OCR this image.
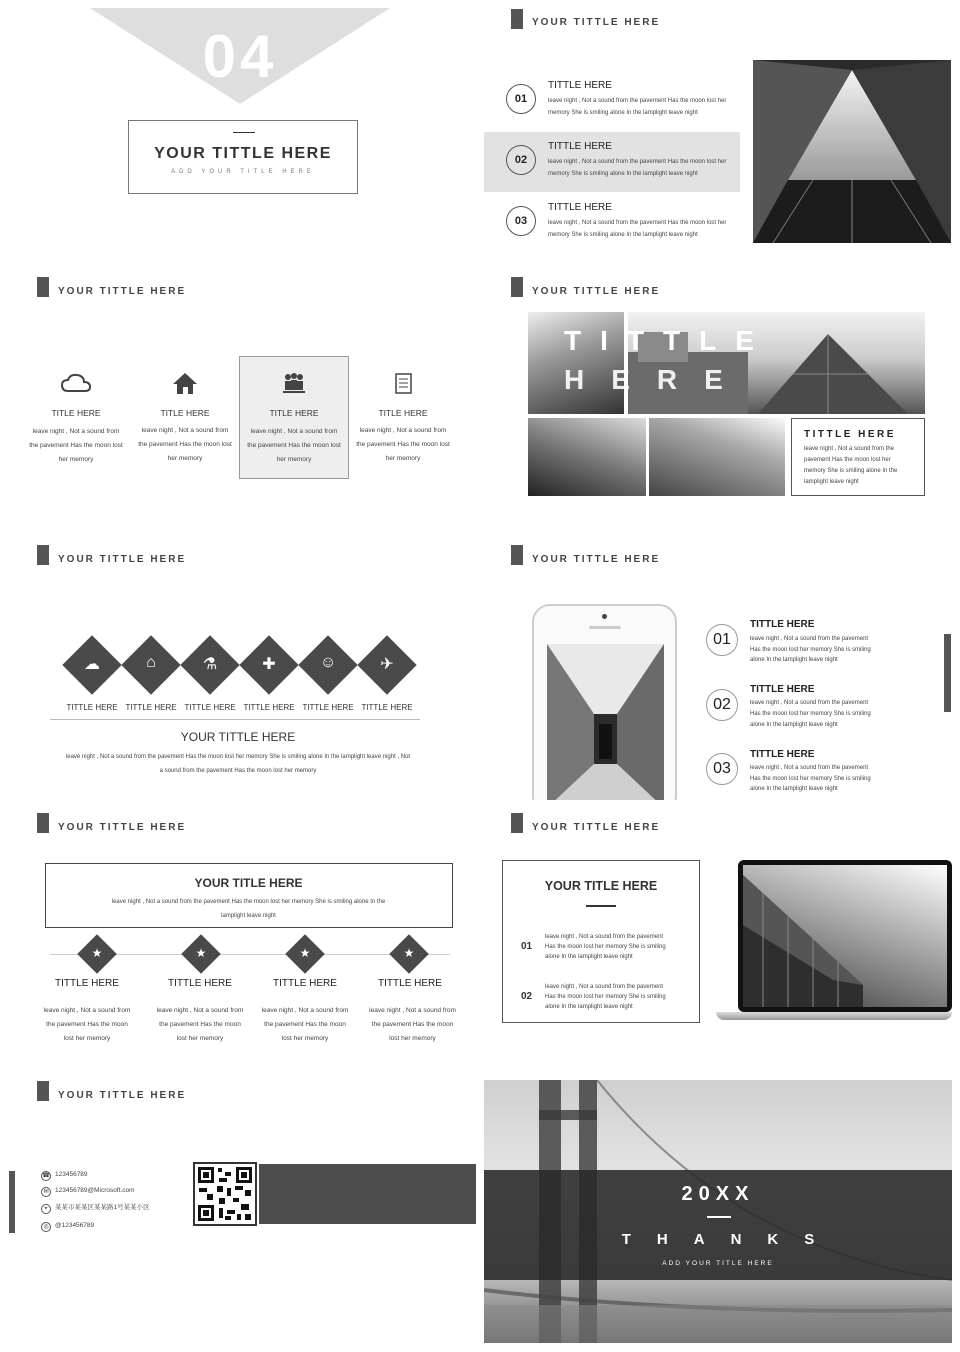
04
YOUR TITTLE HERE
ADD YOUR TITLE HERE
YOUR TITTLE HERE
01
TITTLE HERE
leave night , Not a sound from the pavement Has the moon lost her
memory She is smiling alone In the lamplight leave night
02
TITTLE HERE
leave night , Not a sound from the pavement Has the moon lost her
memory She is smiling alone In the lamplight leave night
03
TITTLE HERE
leave night , Not a sound from the pavement Has the moon lost her
memory She is smiling alone In the lamplight leave night
YOUR TITTLE HERE
TITLE HERE
leave night , Not a sound from
the pavement Has the moon lost
her memory
TITLE HERE
leave night , Not a sound from
the pavement Has the moon lost
her memory
TITLE HERE
leave night , Not a sound from
the pavement Has the moon lost
her memory
TITLE HERE
leave night , Not a sound from
the pavement Has the moon lost
her memory
YOUR TITTLE HERE
TITTLE
HERE
TITTLE HERE
leave night , Not a sound from the
pavement Has the moon lost her
memory She is smiling alone In the
lamplight leave night
YOUR TITTLE HERE
☁	⌂	⚗	✚	☺	✈
TITTLE HERE TITTLE HERE TITTLE HERE TITTLE HERE TITTLE HERE TITTLE HERE
YOUR TITTLE HERE
leave night , Not a sound from the pavement Has the moon lost her memory She is smiling alone In the lamplight leave night , Not
a sound from the pavement Has the moon lost her memory
YOUR TITTLE HERE
01
TITTLE HERE
leave night , Not a sound from the pavement
Has the moon lost her memory She is smiling
alone In the lamplight leave night
02
TITTLE HERE
leave night , Not a sound from the pavement
Has the moon lost her memory She is smiling
alone In the lamplight leave night
03
TITTLE HERE
leave night , Not a sound from the pavement
Has the moon lost her memory She is smiling
alone In the lamplight leave night
YOUR TITTLE HERE
YOUR TITLE HERE
leave night , Not a sound from the pavement Has the moon lost her memory She is smiling alone In the
lamplight leave night
★	★	★	★
TITTLE HERE
leave night , Not a sound from
the pavement Has the moon
lost her memory
TITTLE HERE
leave night , Not a sound from
the pavement Has the moon
lost her memory
TITTLE HERE
leave night , Not a sound from
the pavement Has the moon
lost her memory
TITTLE HERE
leave night , Not a sound from
the pavement Has the moon
lost her memory
YOUR TITTLE HERE
YOUR TITLE HERE
01
leave night , Not a sound from the pavement
Has the moon lost her memory She is smiling
alone In the lamplight leave night
02
leave night , Not a sound from the pavement
Has the moon lost her memory She is smiling
alone In the lamplight leave night
YOUR TITTLE HERE
☎ 123456789
✉ 123456789@Microsoft.com
⌖	某某市某某区某某路1号某某小区
◎ @123456789
20XX
THANKS
ADD YOUR TITLE HERE
